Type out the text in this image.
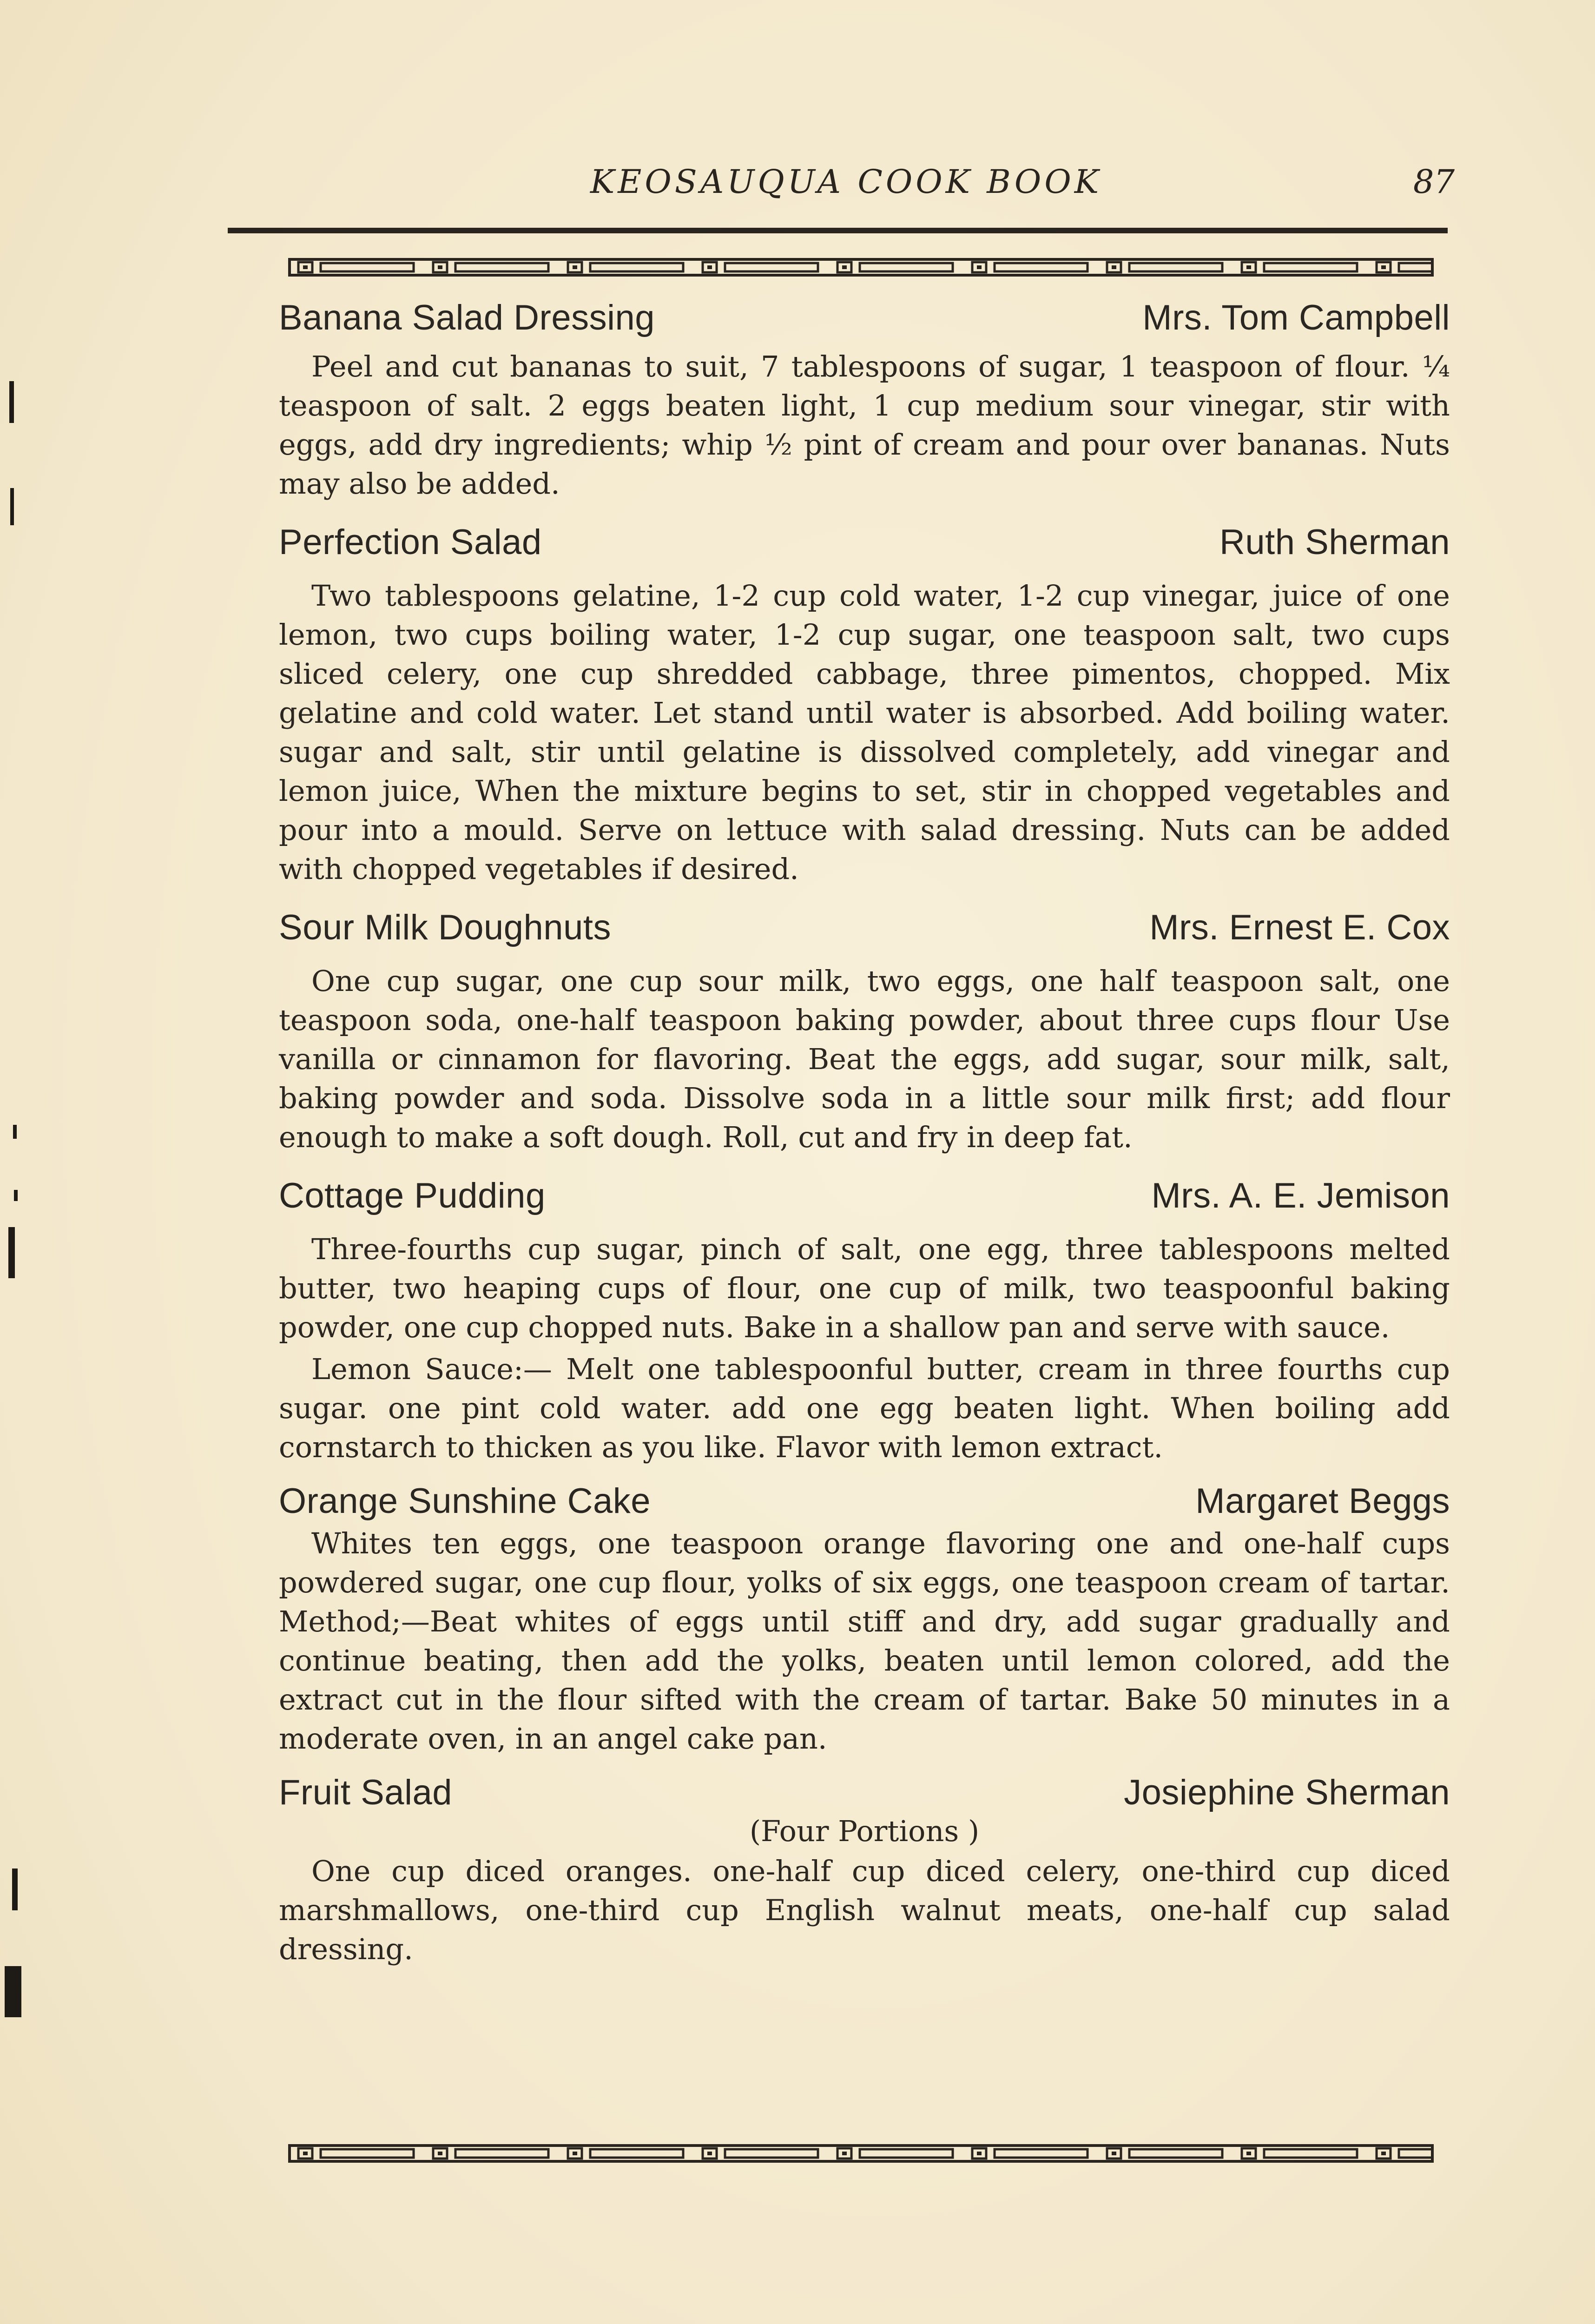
KEOSAUQUA COOK BOOK	87
Banana Salad Dressing	Mrs. Tom Campbell
Peel and cut bananas to suit, 7 tablespoons of sugar, 1 teaspoon of flour. ¼ teaspoon of salt. 2 eggs beaten light, 1 cup medium sour vinegar, stir with eggs, add dry ingredients; whip ½ pint of cream and pour over bananas. Nuts may also be added.
Perfection Salad	Ruth Sherman
Two tablespoons gelatine, 1-2 cup cold water, 1-2 cup vinegar, juice of one lemon, two cups boiling water, 1-2 cup sugar, one teaspoon salt, two cups sliced celery, one cup shredded cabbage, three pimentos, chopped. Mix gelatine and cold water. Let stand until water is absorbed. Add boiling water. sugar and salt, stir until gelatine is dissolved completely, add vinegar and lemon juice, When the mixture begins to set, stir in chopped vegetables and pour into a mould. Serve on lettuce with salad dressing. Nuts can be added with chopped vegetables if desired.
Sour Milk Doughnuts	Mrs. Ernest E. Cox
One cup sugar, one cup sour milk, two eggs, one half teaspoon salt, one teaspoon soda, one-half teaspoon baking powder, about three cups flour Use vanilla or cinnamon for flavoring. Beat the eggs, add sugar, sour milk, salt, baking powder and soda. Dissolve soda in a little sour milk first; add flour enough to make a soft dough. Roll, cut and fry in deep fat.
Cottage Pudding	Mrs. A. E. Jemison
Three-fourths cup sugar, pinch of salt, one egg, three tablespoons melted butter, two heaping cups of flour, one cup of milk, two teaspoonful baking powder, one cup chopped nuts. Bake in a shallow pan and serve with sauce.
Lemon Sauce:— Melt one tablespoonful butter, cream in three fourths cup sugar. one pint cold water. add one egg beaten light. When boiling add cornstarch to thicken as you like. Flavor with lemon extract.
Orange Sunshine Cake	Margaret Beggs
Whites ten eggs, one teaspoon orange flavoring one and one-half cups powdered sugar, one cup flour, yolks of six eggs, one teaspoon cream of tartar. Method;—Beat whites of eggs until stiff and dry, add sugar gradually and continue beating, then add the yolks, beaten until lemon colored, add the extract cut in the flour sifted with the cream of tartar. Bake 50 minutes in a moderate oven, in an angel cake pan.
Fruit Salad	Josiephine Sherman
(Four Portions )
One cup diced oranges. one-half cup diced celery, one-third cup diced marshmallows, one-third cup English walnut meats, one-half cup salad dressing.
